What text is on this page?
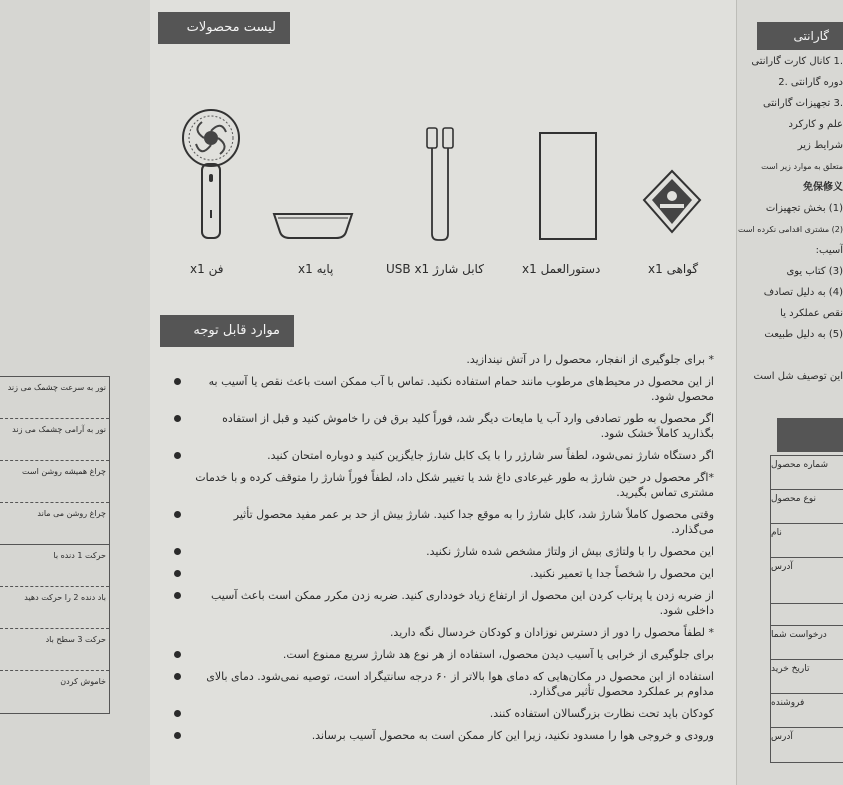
نور به سرعت چشمک می زند
نور به آرامی چشمک می زند
چراغ همیشه روشن است
چراغ روشن می ماند
حرکت 1 دنده با
باد دنده 2 را حرکت دهید
حرکت 3 سطح باد
خاموش کردن
لیست محصولات
فن x1	پایه x1	کابل شارژ USB x1	دستورالعمل x1	گواهی x1
موارد قابل توجه
* برای جلوگیری از انفجار، محصول را در آتش نیندازید.
از این محصول در محیط‌های مرطوب مانند حمام استفاده نکنید. تماس با آب ممکن است باعث نقص یا آسیب به محصول شود.
اگر محصول به طور تصادفی وارد آب یا مایعات دیگر شد، فوراً کلید برق فن را خاموش کنید و قبل از استفاده بگذارید کاملاً خشک شود.
اگر دستگاه شارژ نمی‌شود، لطفاً سر شارژر را با یک کابل شارژ جایگزین کنید و دوباره امتحان کنید.
*اگر محصول در حین شارژ به طور غیرعادی داغ شد یا تغییر شکل داد، لطفاً فوراً شارژ را متوقف کرده و با خدمات مشتری تماس بگیرید.
وقتی محصول کاملاً شارژ شد، کابل شارژ را به موقع جدا کنید. شارژ بیش از حد بر عمر مفید محصول تأثیر می‌گذارد.
این محصول را با ولتاژی بیش از ولتاژ مشخص شده شارژ نکنید.
این محصول را شخصاً جدا یا تعمیر نکنید.
از ضربه زدن یا پرتاب کردن این محصول از ارتفاع زیاد خودداری کنید. ضربه زدن مکرر ممکن است باعث آسیب داخلی شود.
* لطفاً محصول را دور از دسترس نوزادان و کودکان خردسال نگه دارید.
برای جلوگیری از خرابی یا آسیب دیدن محصول، استفاده از هر نوع هد شارژ سریع ممنوع است.
استفاده از این محصول در مکان‌هایی که دمای هوا بالاتر از ۶۰ درجه سانتیگراد است، توصیه نمی‌شود. دمای بالای مداوم بر عملکرد محصول تأثیر می‌گذارد.
کودکان باید تحت نظارت بزرگسالان استفاده کنند.
ورودی و خروجی هوا را مسدود نکنید، زیرا این کار ممکن است به محصول آسیب برساند.
گارانتی
.1 کانال کارت گارانتی
دوره گارانتی .2
.3 تجهیزات گارانتی
علم و کارکرد
شرایط زیر
متعلق به موارد زیر است
免保修义
(1) بخش تجهیزات
(2) مشتری اقدامی نکرده است
آسیب:
(3) کتاب یوی
(4) به دلیل تصادف
نقص عملکرد یا
(5) به دلیل طبیعت
این توصیف شل است
شماره محصول
نوع محصول
نام
آدرس
درخواست شما
تاریخ خرید
فروشنده
آدرس
